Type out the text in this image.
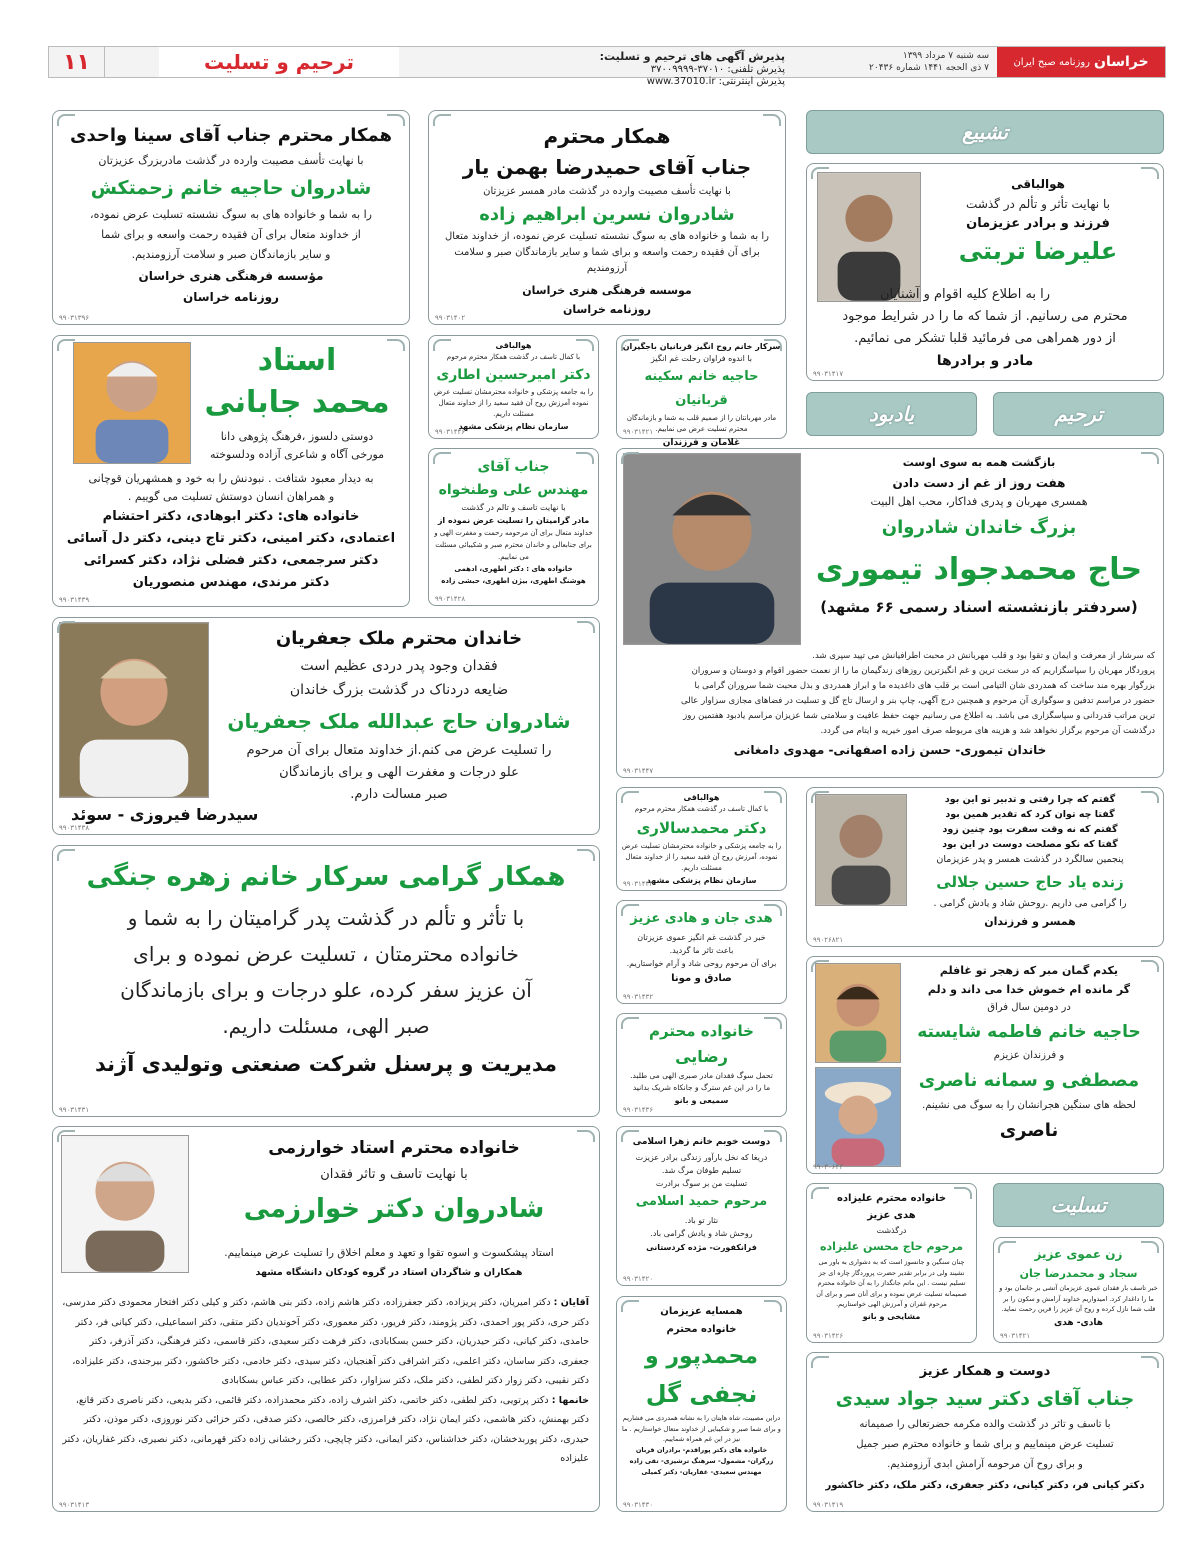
خراسان
روزنامه صبح ایران
سه شنبه ۷ مرداد ۱۳۹۹
۷ ذی الحجه ۱۴۴۱ شماره ۲۰۴۳۶
پذیرش آگهی های ترحیم و تسلیت:
پذیرش تلفنی: ۳۷۰۱۰-۳۷۰۰۹۹۹۹
پذیرش اینترنتی: www.37010.ir
ترحیم و تسلیت
۱۱
تشییع
هوالباقی
با نهایت تأثر و تألم در گذشت
فرزند و برادر عزیزمان
علیرضا تربتی
را به اطلاع کلیه اقوام و آشنایان
محترم می رسانیم. از شما که ما را در شرایط موجود
از دور همراهی می فرمائید قلبا تشکر می نمائیم.
مادر و برادرها
۹۹۰۳۱۴۱۷
ترحیم
یادبود
همکار محترم
جناب آقای حمیدرضا بهمن یار
با نهایت تأسف مصیبت وارده در گذشت مادر همسر عزیزتان
شادروان نسرین ابراهیم زاده
را به شما و خانواده های به سوگ نشسته تسلیت عرض نموده، از خداوند متعال
برای آن فقیده رحمت واسعه و برای شما و سایر بازماندگان صبر و سلامت آرزومندیم
موسسه فرهنگی هنری خراسان
روزنامه خراسان
۹۹۰۳۱۴۰۲
همکار محترم جناب آقای سینا واحدی
با نهایت تأسف مصیبت وارده در گذشت مادربزرگ عزیزتان
شادروان حاجیه خانم زحمتکش
را به شما و خانواده های به سوگ نشسته تسلیت عرض نموده،
از خداوند متعال برای آن فقیده رحمت واسعه و برای شما
و سایر بازماندگان صبر و سلامت آرزومندیم.
مؤسسه فرهنگی هنری خراسان
روزنامه خراسان
۹۹۰۳۱۳۹۶
استاد
محمد جابانی
دوستی دلسوز ،فرهنگ پژوهی دانا
مورخی آگاه و شاعری آزاده ودلسوخته
به دیدار معبود شتافت . نبودنش را به خود و همشهریان قوچانی
و همراهان انسان دوستش تسلیت می گوییم .
خانواده های: دکتر ابوهادی، دکتر احتشام
اعتمادی، دکتر امینی، دکتر تاج دینی، دکتر دل آسائی
دکتر سرجمعی، دکتر فضلی نژاد، دکتر کسرائی
دکتر مرندی، مهندس منصوریان
۹۹۰۳۱۴۳۹
هوالباقی
با کمال تاسف در گذشت همکار محترم مرحوم
دکتر امیرحسین اطاری
را به جامعه پزشکی و خانواده محترمشان تسلیت عرض نموده آمرزش روح آن فقید سعید را از خداوند متعال مسئلت داریم.
سازمان نظام پزشکی مشهد
۹۹۰۳۱۴۴۶
سرکار خانم روح انگیز قربانیان باجگیران
با اندوه فراوان رحلت غم انگیز
حاجیه خانم سکینه قربانیان
مادر مهربانتان را از صمیم قلب به شما و بازماندگان محترم تسلیت عرض می نماییم.
غلامان و فرزندان
۹۹۰۳۱۴۲۱
جناب آقای
مهندس علی وطنخواه
با نهایت تاسف و تالم در گذشت
مادر گرامیتان را تسلیت عرض نموده از
خداوند متعال برای آن مرحومه رحمت و مغفرت الهی و برای جنابعالی و خاندان محترم صبر و شکیبائی مسئلت می نماییم.
خانواده های : دکتر اطهری، ادهمی
هوشنگ اطهری، بیژن اطهری، حبشی زاده
۹۹۰۳۱۴۲۸
بازگشت همه به سوی اوست
هفت روز از غم از دست دادن
همسری مهربان و پدری فداکار، محب اهل البیت
بزرگ خاندان شادروان
حاج محمدجواد تیموری
(سردفتر بازنشسته اسناد رسمی ۶۶ مشهد)
که سرشار از معرفت و ایمان و تقوا بود و قلب مهربانش در محبت اطرافیانش می تپید سپری شد.
پروردگار مهربان را سپاسگزاریم که در سخت ترین و غم انگیزترین روزهای زندگیمان ما را از نعمت حضور اقوام و دوستان و سروران
بزرگوار بهره مند ساخت که همدردی شان التیامی است بر قلب های داغدیده ما و ابراز همدردی و بذل محبت شما سروران گرامی با
حضور در مراسم تدفین و سوگواری آن مرحوم و همچنین درج آگهی، چاپ بنر و ارسال تاج گل و تسلیت در فضاهای مجازی سزاوار عالی
ترین مراتب قدردانی و سپاسگزاری می باشد. به اطلاع می رسانیم جهت حفظ عافیت و سلامتی شما عزیزان مراسم یادبود هفتمین روز
درگذشت آن مرحوم برگزار نخواهد شد و هزینه های مربوطه صرف امور خیریه و ایتام می گردد.
خاندان تیموری- حسن زاده اصفهانی- مهدوی دامغانی
۹۹۰۳۱۴۴۷
خاندان محترم ملک جعفریان
فقدان وجود پدر دردی عظیم است
ضایعه دردناک در گذشت بزرگ خاندان
شادروان حاج عبدالله ملک جعفریان
را تسلیت عرض می کنم.از خداوند متعال برای آن مرحوم
علو درجات و مغفرت الهی و برای بازماندگان
صبر مسالت دارم.
سیدرضا فیروزی - سوئد
۹۹۰۳۱۴۳۸
هوالباقی
با کمال تاسف در گذشت همکار محترم مرحوم
دکتر محمدسالاری
را به جامعه پزشکی و خانواده محترمشان تسلیت عرض نموده، آمرزش روح آن فقید سعید را از خداوند متعال مسئلت داریم.
سازمان نظام پزشکی مشهد
۹۹۰۳۱۴۴۴
گفتم که چرا رفتی و تدبیر تو این بود
گفتا چه توان کرد که تقدیر همین بود
گفتم که نه وقت سفرت بود چنین زود
گفتا که نکو مصلحت دوست در این بود
پنجمین سالگرد در گذشت همسر و پدر عزیزمان
زنده یاد حاج حسین جلالی
را گرامی می داریم .روحش شاد و یادش گرامی .
همسر و فرزندان
۹۹۰۲۶۸۲۱
همکار گرامی سرکار خانم زهره جنگی
با تأثر و تألم در گذشت پدر گرامیتان را به شما و
خانواده محترمتان ، تسلیت عرض نموده و برای
آن عزیز سفر کرده، علو درجات و برای بازماندگان
صبر الهی، مسئلت داریم.
مدیریت و پرسنل شرکت صنعتی وتولیدی آژند
۹۹۰۳۱۴۳۱
هدی جان و هادی عزیز
خبر در گذشت غم انگیز عموی عزیزتان
باعث تاثر ما گردید.
برای آن مرحوم روحی شاد و آرام خواستاریم.
صادق و مونا
۹۹۰۳۱۴۳۲
یکدم گمان مبر که زهجر تو غافلم
گر مانده ام خموش خدا می داند و دلم
در دومین سال فراق
حاجیه خانم فاطمه شایسته
و فرزندان عزیزم
مصطفی و سمانه ناصری
لحظه های سنگین هجرانشان را به سوگ می نشینم.
ناصری
۹۹۰۳۰۶۴۴
خانواده محترم
رضایی
تحمل سوگ فقدان مادر صبری الهی می طلبد.
ما را در این غم سترگ و جانکاه شریک بدانید
سمیعی و بانو
۹۹۰۳۱۴۳۶
خانواده محترم استاد خوارزمی
با نهایت تاسف و تاثر فقدان
شادروان دکتر خوارزمی
استاد پیشکسوت و اسوه تقوا و تعهد و معلم اخلاق را تسلیت عرض مینماییم.
همکاران و شاگردان استاد در گروه کودکان دانشگاه مشهد
آقایان : دکتر امیریان، دکتر پریزاده، دکتر جعفرزاده، دکتر هاشم زاده، دکتر بنی هاشم، دکتر و کیلی دکتر افتخار محمودی دکتر مدرسی، دکتر حری، دکتر پور احمدی، دکتر پژومند، دکتر فریور، دکتر معموری، دکتر آخوندیان دکتر متقی، دکتر اسماعیلی، دکتر کیانی فر، دکتر حامدی، دکتر کیانی، دکتر حیدریان، دکتر حسن بسکابادی، دکتر فرهت دکتر سعیدی، دکتر قاسمی، دکتر فرهنگی، دکتر آذرفر، دکتر جعفری، دکتر ساسان، دکتر اعلمی، دکتر اشراقی دکتر آهنجیان، دکتر سیدی، دکتر خادمی، دکتر خاکشور، دکتر بیرجندی، دکتر علیزاده، دکتر نقیبی، دکتر زوار دکتر لطفی، دکتر ملک، دکتر سزاوار، دکتر عطایی، دکتر عباس بسکابادی
خانمها : دکتر پرتویی، دکتر لطفی، دکتر خاتمی، دکتر اشرف زاده، دکتر محمدزاده، دکتر قائمی، دکتر بدیعی، دکتر ناصری دکتر قانع، دکتر بهمنش، دکتر هاشمی، دکتر ایمان نژاد، دکتر فرامرزی، دکتر خالصی، دکتر صدقی، دکتر خزائی دکتر نوروزی، دکتر موذن، دکتر حیدری، دکتر پوربدخشان، دکتر خداشناس، دکتر ایمانی، دکتر چاپچی، دکتر رخشانی زاده دکتر قهرمانی، دکتر نصیری، دکتر غفاریان، دکتر علیزاده
۹۹۰۳۱۴۱۳
دوست خوبم خانم زهرا اسلامی
دریغا که نخل بارآور زندگی برادر عزیزت
تسلیم طوفان مرگ شد.
تسلیت من بر سوگ برادرت
مرحوم حمید اسلامی
نثار تو باد.
روحش شاد و یادش گرامی باد.
فرانکفورت- مژده کردستانی
۹۹۰۳۱۴۲۰
خانواده محترم علیزاده
هدی عزیز
درگذشت
مرحوم حاج محسن علیزاده
چنان سنگین و جانسوز است که به دشواری به باور می نشیند ولی در برابر تقدیر حضرت پروردگار چاره ای جز تسلیم نیست . این ماتم جانگداز را به آن خانواده محترم صمیمانه تسلیت عرض نموده و برای آنان صبر و برای آن مرحوم غفران و آمرزش الهی خواستاریم.
مشایخی و بانو
۹۹۰۳۱۴۲۶
تسلیت
زن عموی عزیز
سجاد و محمدرضا جان
خبر تاسف بار فقدان عموی عزیزمان آتشی بر جانمان بود و ما را داغدار کرد. امیدواریم خداوند آرامش و سکون را بر قلب شما نازل کرده و روح آن عزیز را قرین رحمت نماید.
هادی- هدی
۹۹۰۳۱۴۲۱
همسایه عزیزمان
خانواده محترم
محمدپور و
نجفی گل
دراین مصیبت، شاه هایتان را به نشانه همدردی می فشاریم و برای شما صبر و شکیبایی از خداوند متعال خواستاریم . ما نیز در این غم همراه شماییم.
خانواده های دکتر پوراقدم- برادران قربان
زرگران- مشمول- سرهنگ ترشیزی- تقی زاده
مهندس سعیدی- غفاریان- دکتر کمیلی
۹۹۰۳۱۴۳۰
دوست و همکار عزیز
جناب آقای دکتر سید جواد سیدی
با تاسف و تاثر در گذشت والده مکرمه حضرتعالی را صمیمانه
تسلیت عرض مینماییم و برای شما و خانواده محترم صبر جمیل
و برای روح آن مرحومه آرامش ابدی آرزومندیم.
دکتر کیانی فر، دکتر کیانی، دکتر جعفری، دکتر ملک، دکتر خاکشور
۹۹۰۳۱۴۱۹
